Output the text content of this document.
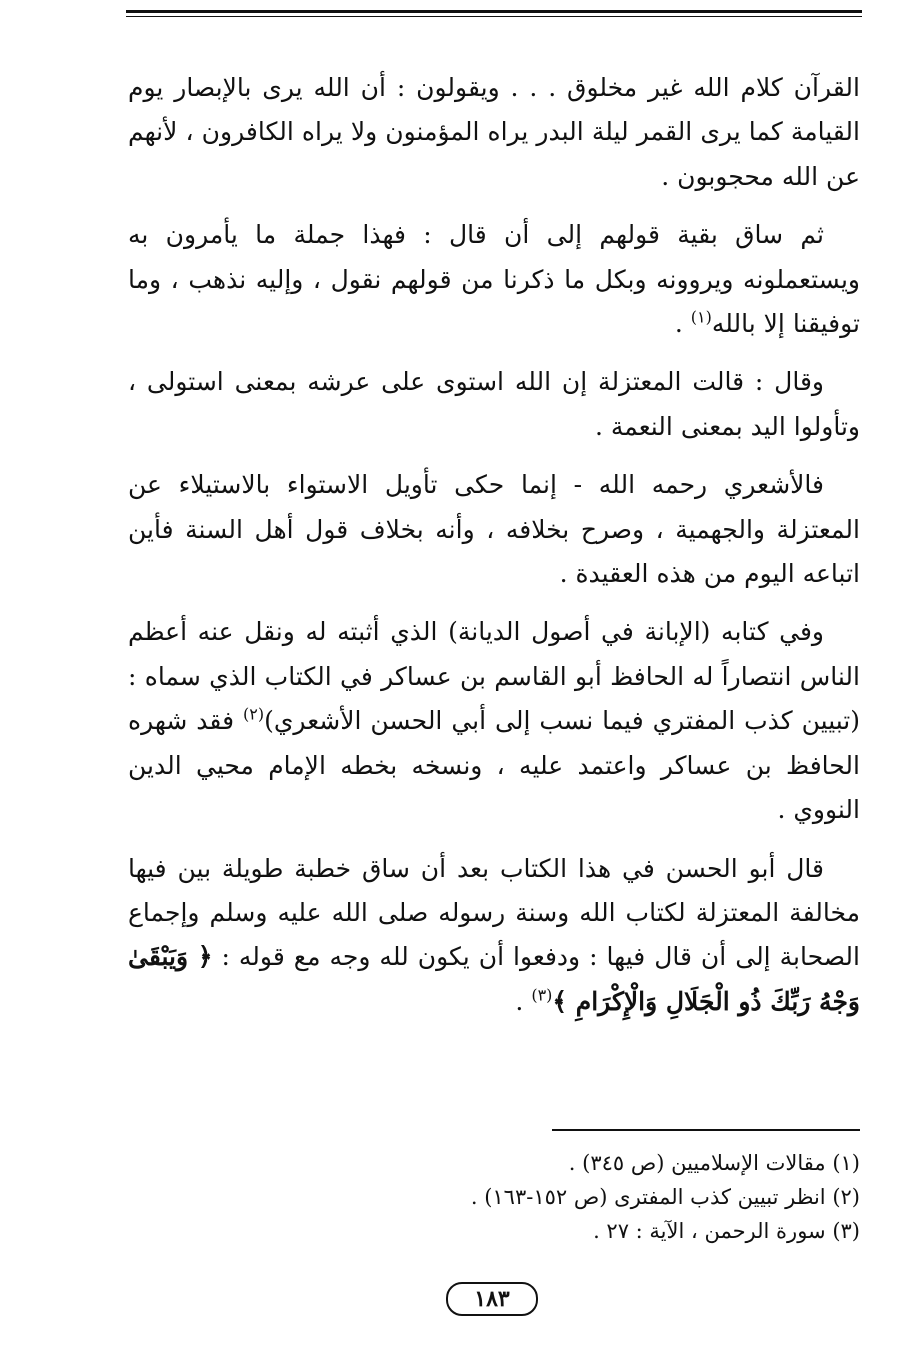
القرآن كلام الله غير مخلوق . . . ويقولون : أن الله يرى بالإبصار يوم القيامة كما يرى القمر ليلة البدر يراه المؤمنون ولا يراه الكافرون ، لأنهم عن الله محجوبون .

ثم ساق بقية قولهم إلى أن قال : فهذا جملة ما يأمرون به ويستعملونه ويروونه وبكل ما ذكرنا من قولهم نقول ، وإليه نذهب ، وما توفيقنا إلا بالله$^{(١)}$ .

وقال : قالت المعتزلة إن الله استوى على عرشه بمعنى استولى ، وتأولوا اليد بمعنى النعمة .

فالأشعري رحمه الله - إنما حكى تأويل الاستواء بالاستيلاء عن المعتزلة والجهمية ، وصرح بخلافه ، وأنه بخلاف قول أهل السنة فأين اتباعه اليوم من هذه العقيدة .

وفي كتابه (الإبانة في أصول الديانة) الذي أثبته له ونقل عنه أعظم الناس انتصاراً له الحافظ أبو القاسم بن عساكر في الكتاب الذي سماه : (تبيين كذب المفتري فيما نسب إلى أبي الحسن الأشعري)$^{(٢)}$ فقد شهره الحافظ بن عساكر واعتمد عليه ، ونسخه بخطه الإمام محيي الدين النووي .

قال أبو الحسن في هذا الكتاب بعد أن ساق خطبة طويلة بين فيها مخالفة المعتزلة لكتاب الله وسنة رسوله صلى الله عليه وسلم وإجماع الصحابة إلى أن قال فيها : ودفعوا أن يكون لله وجه مع قوله : ﴿ وَيَبْقَىٰ وَجْهُ رَبِّكَ ذُو الْجَلَالِ وَالْإِكْرَامِ ﴾$^{(٣)}$ .

(١) مقالات الإسلاميين (ص ٣٤٥) .
(٢) انظر تبيين كذب المفترى (ص ١٥٢-١٦٣) .
(٣) سورة الرحمن ، الآية : ٢٧ .
١٨٣
